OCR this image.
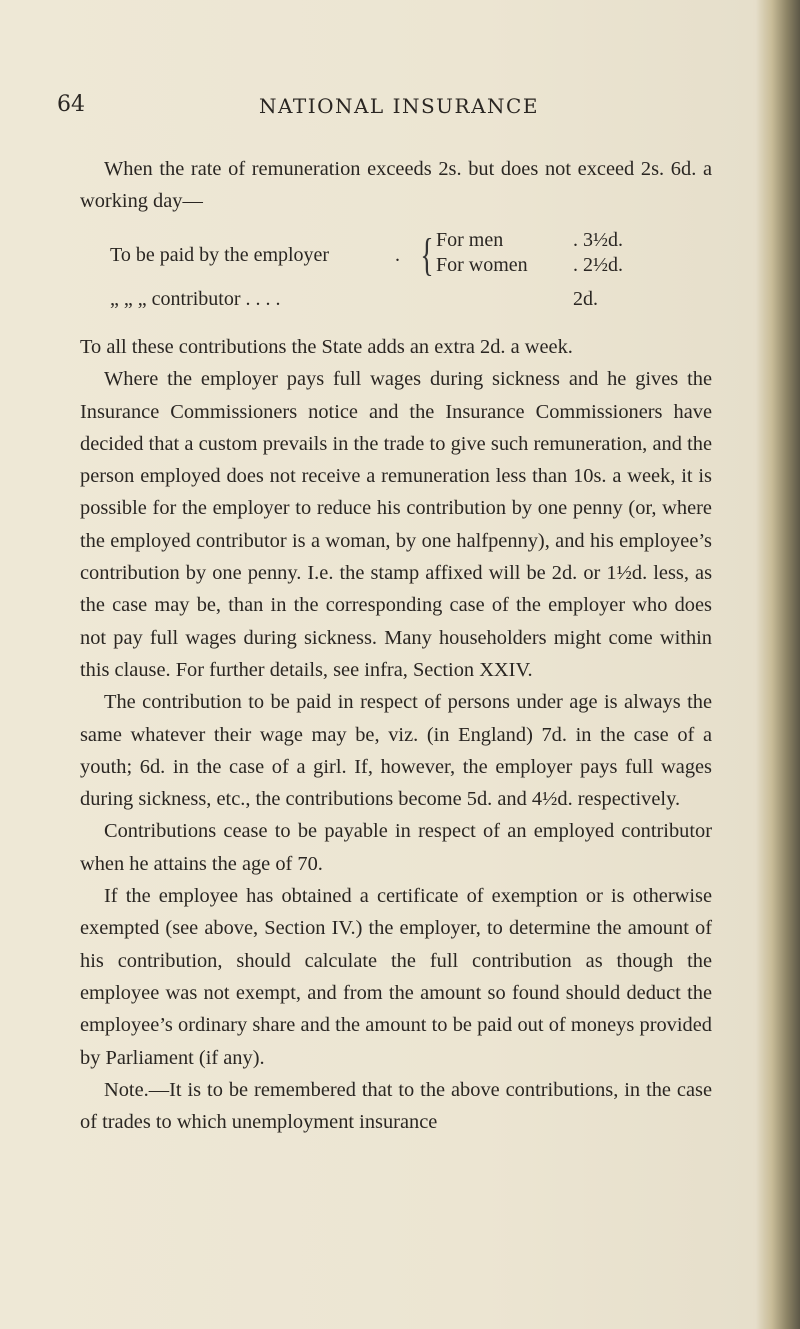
64	NATIONAL INSURANCE

When the rate of remuneration exceeds 2s. but does not exceed 2s. 6d. a working day—

To be paid by the employer	. { For men	. 3½d.
For women . 2½d.
„ „ „ contributor . . . .	2d.

To all these contributions the State adds an extra 2d. a week.

Where the employer pays full wages during sickness and he gives the Insurance Commissioners notice and the Insurance Commissioners have decided that a custom prevails in the trade to give such remuneration, and the person employed does not receive a remuneration less than 10s. a week, it is possible for the employer to reduce his contribution by one penny (or, where the employed contributor is a woman, by one halfpenny), and his employee’s contribution by one penny. I.e. the stamp affixed will be 2d. or 1½d. less, as the case may be, than in the corresponding case of the employer who does not pay full wages during sickness. Many householders might come within this clause. For further details, see infra, Section XXIV.

The contribution to be paid in respect of persons under age is always the same whatever their wage may be, viz. (in England) 7d. in the case of a youth; 6d. in the case of a girl. If, however, the employer pays full wages during sickness, etc., the contributions become 5d. and 4½d. respectively.

Contributions cease to be payable in respect of an employed contributor when he attains the age of 70.

If the employee has obtained a certificate of exemption or is otherwise exempted (see above, Section IV.) the employer, to determine the amount of his contribution, should calculate the full contribution as though the employee was not exempt, and from the amount so found should deduct the employee’s ordinary share and the amount to be paid out of moneys provided by Parliament (if any).

Note.—It is to be remembered that to the above contributions, in the case of trades to which unemployment insurance
